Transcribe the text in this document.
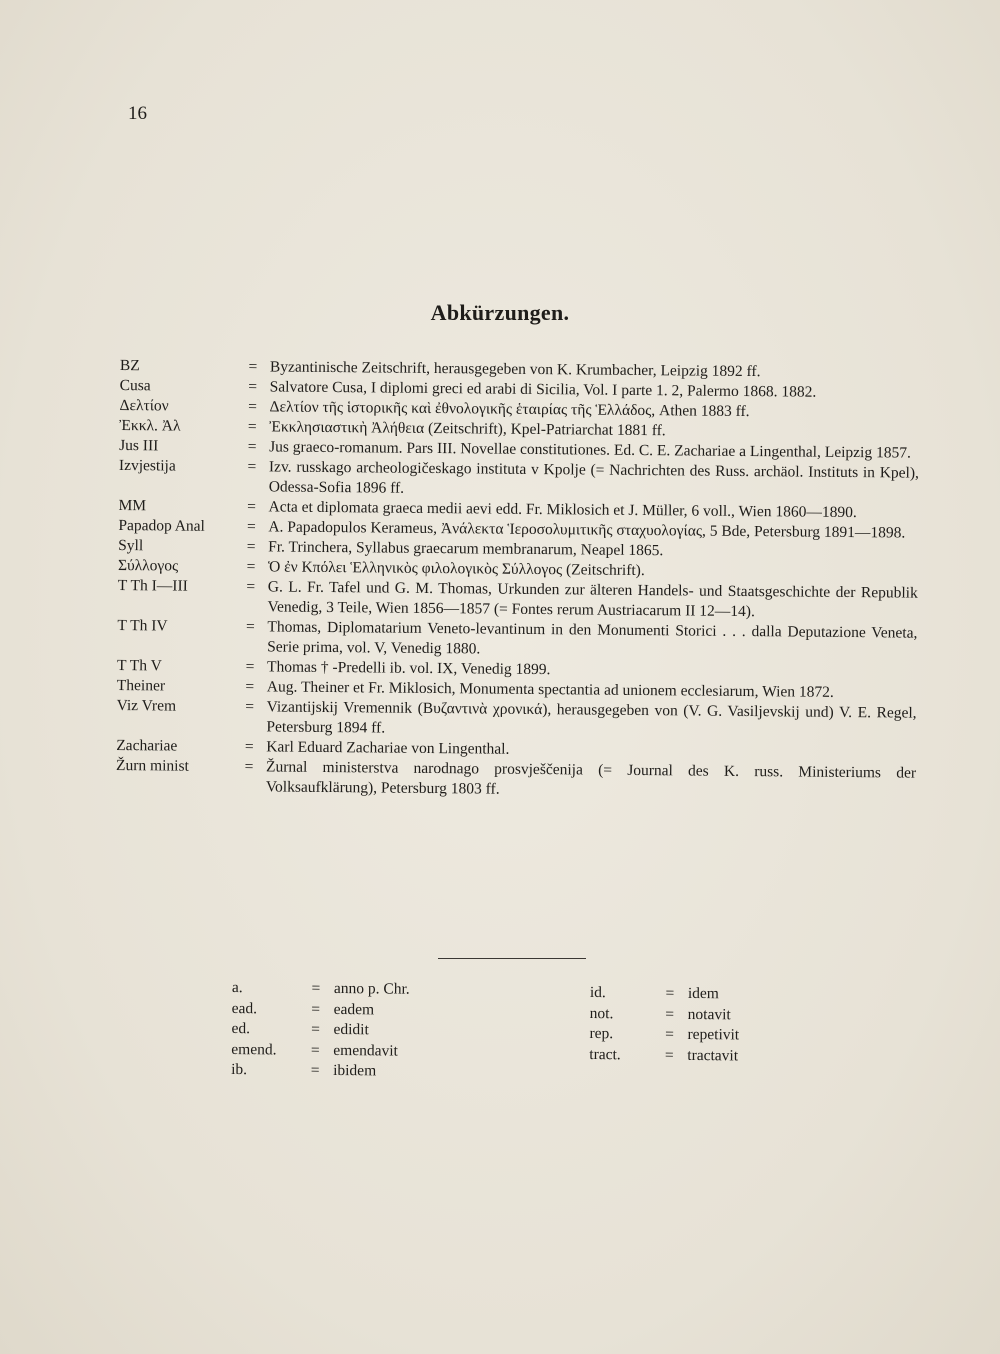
16
Abkürzungen.
BZ	= Byzantinische Zeitschrift, herausgegeben von K. Krumbacher, Leipzig 1892 ff.
Cusa	= Salvatore Cusa, I diplomi greci ed arabi di Sicilia, Vol. I parte 1. 2, Palermo 1868. 1882.
Δελτίον	= Δελτίον τῆς ἱστορικῆς καὶ ἐθνολογικῆς ἑταιρίας τῆς Ἑλλάδος, Athen 1883 ff.
Ἐκκλ. Ἀλ	= Ἐκκλησιαστικὴ Ἀλήθεια (Zeitschrift), Kpel-Patriarchat 1881 ff.
Jus III	= Jus graeco-romanum. Pars III. Novellae constitutiones. Ed. C. E. Zachariae a Lingenthal, Leipzig 1857.
Izvjestija	= Izv. russkago archeologičeskago instituta v Kpolje (= Nachrichten des Russ. archäol. Instituts in Kpel), Odessa-Sofia 1896 ff.
MM	= Acta et diplomata graeca medii aevi edd. Fr. Miklosich et J. Müller, 6 voll., Wien 1860—1890.
Papadop Anal	= A. Papadopulos Kerameus, Ἀνάλεκτα Ἱεροσολυμιτικῆς σταχυολογίας, 5 Bde, Petersburg 1891—1898.
Syll	= Fr. Trinchera, Syllabus graecarum membranarum, Neapel 1865.
Σύλλογος	= Ὁ ἐν Κπόλει Ἑλληνικὸς φιλολογικὸς Σύλλογος (Zeitschrift).
T Th I—III	= G. L. Fr. Tafel und G. M. Thomas, Urkunden zur älteren Handels- und Staatsgeschichte der Republik Venedig, 3 Teile, Wien 1856—1857 (= Fontes rerum Austriacarum II 12—14).
T Th IV	= Thomas, Diplomatarium Veneto-levantinum in den Monumenti Storici . . . dalla Deputazione Veneta, Serie prima, vol. V, Venedig 1880.
T Th V	= Thomas † -Predelli ib. vol. IX, Venedig 1899.
Theiner	= Aug. Theiner et Fr. Miklosich, Monumenta spectantia ad unionem ecclesiarum, Wien 1872.
Viz Vrem	= Vizantijskij Vremennik (Βυζαντινὰ χρονικά), herausgegeben von (V. G. Vasiljevskij und) V. E. Regel, Petersburg 1894 ff.
Zachariae	= Karl Eduard Zachariae von Lingenthal.
Žurn minist	= Žurnal ministerstva narodnago prosvješčenija (= Journal des K. russ. Ministeriums der Volksaufklärung), Petersburg 1803 ff.
a.	= anno p. Chr.
ead.	= eadem
ed.	= edidit
emend.	= emendavit
ib.	= ibidem
id.	= idem
not.	= notavit
rep.	= repetivit
tract.	= tractavit
